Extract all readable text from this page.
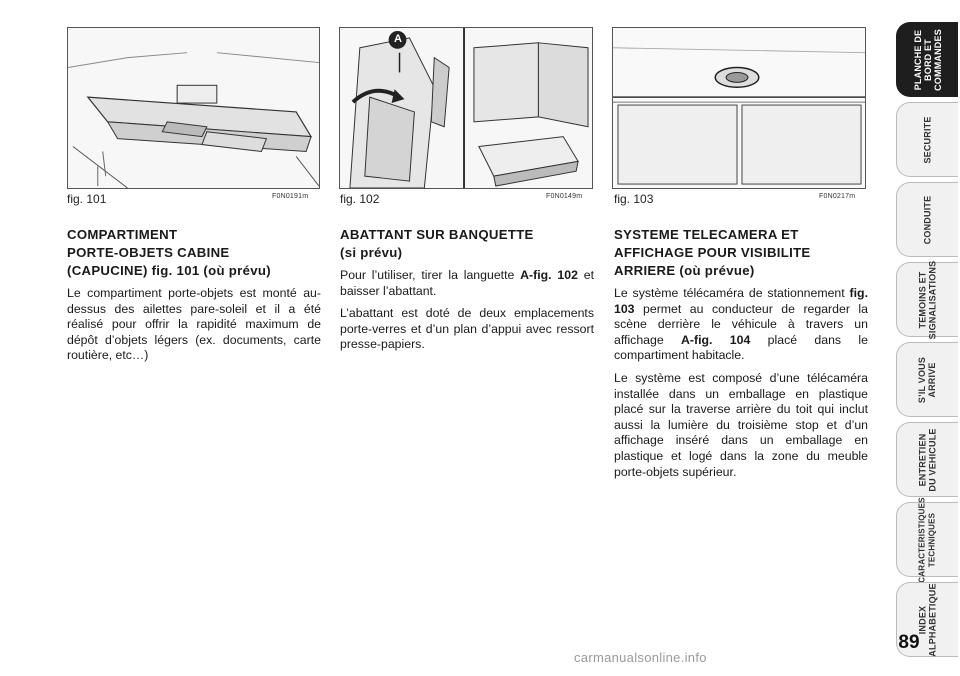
fig. 101	F0N0191m
A
fig. 102	F0N0149m	fig. 103	F0N0217m
COMPARTIMENT
PORTE-OBJETS CABINE
(CAPUCINE) fig. 101 (où prévu)

Le compartiment porte-objets est monté au-dessus des ailettes pare-soleil et il a été réalisé pour offrir la rapidité maximum de dépôt d’objets légers (ex. documents, carte routière, etc…)

ABATTANT SUR BANQUETTE
(si prévu)

Pour l’utiliser, tirer la languette A-fig. 102 et baisser l’abattant.

L’abattant est doté de deux emplacements porte-verres et d’un plan d’appui avec ressort presse-papiers.

SYSTEME TELECAMERA ET
AFFICHAGE POUR VISIBILITE
ARRIERE (où prévue)

Le système télécaméra de stationnement fig. 103 permet au conducteur de regarder la scène derrière le véhicule à travers un affichage A-fig. 104 placé dans le compartiment habitacle.

Le système est composé d’une télécaméra installée dans un emballage en plastique placé sur la traverse arrière du toit qui inclut aussi la lumière du troisième stop et d’un affichage inséré dans un emballage en plastique et logé dans la zone du meuble porte-objets supérieur.

PLANCHE DE
BORD ET
COMMANDES
SECURITE
CONDUITE
TEMOINS ET
SIGNALISATIONS
S’IL VOUS
ARRIVE
ENTRETIEN
DU VEHICULE
CARACTERISTIQUES
TECHNIQUES
INDEX
ALPHABETIQUE
89
carmanualsonline.info
